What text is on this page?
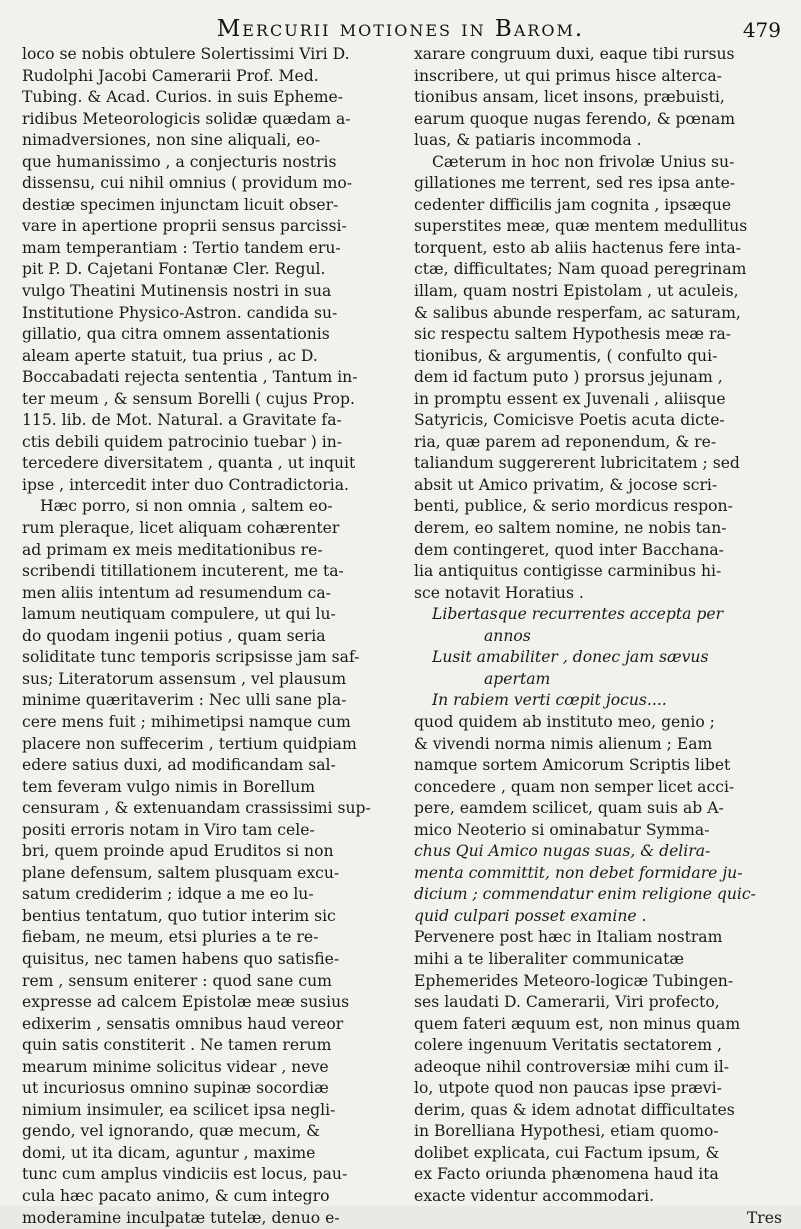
Mercurii motiones in Barom.	479

loco se nobis obtulere Solertissimi Viri D.

Rudolphi Jacobi Camerarii Prof. Med.

Tubing. & Acad. Curios. in suis Epheme-

ridibus Meteorologicis solidæ quædam a-

nimadversiones, non sine aliquali, eo-

que humanissimo , a conjecturis nostris

dissensu, cui nihil omnius ( providum mo-

destiæ specimen injunctam licuit obser-

vare in apertione proprii sensus parcissi-

mam temperantiam : Tertio tandem eru-

pit P. D. Cajetani Fontanæ Cler. Regul.

vulgo Theatini Mutinensis nostri in sua

Institutione Physico-Astron. candida su-

gillatio, qua citra omnem assentationis

aleam aperte statuit, tua prius , ac D.

Boccabadati rejecta sententia , Tantum in-

ter meum , & sensum Borelli ( cujus Prop.

115. lib. de Mot. Natural. a Gravitate fa-

ctis debili quidem patrocinio tuebar ) in-

tercedere diversitatem , quanta , ut inquit

ipse , intercedit inter duo Contradictoria.

Hæc porro, si non omnia , saltem eo-

rum pleraque, licet aliquam cohærenter

ad primam ex meis meditationibus re-

scribendi titillationem incuterent, me ta-

men aliis intentum ad resumendum ca-

lamum neutiquam compulere, ut qui lu-

do quodam ingenii potius , quam seria

soliditate tunc temporis scripsisse jam saf-

sus; Literatorum assensum , vel plausum

minime quæritaverim : Nec ulli sane pla-

cere mens fuit ; mihimetipsi namque cum

placere non suffecerim , tertium quidpiam

edere satius duxi, ad modificandam sal-

tem feveram vulgo nimis in Borellum

censuram , & extenuandam crassissimi sup-

positi erroris notam in Viro tam cele-

bri, quem proinde apud Eruditos si non

plane defensum, saltem plusquam excu-

satum crediderim ; idque a me eo lu-

bentius tentatum, quo tutior interim sic

fiebam, ne meum, etsi pluries a te re-

quisitus, nec tamen habens quo satisfie-

rem , sensum eniterer : quod sane cum

expresse ad calcem Epistolæ meæ susius

edixerim , sensatis omnibus haud vereor

quin satis constiterit . Ne tamen rerum

mearum minime solicitus videar , neve

ut incuriosus omnino supinæ socordiæ

nimium insimuler, ea scilicet ipsa negli-

gendo, vel ignorando, quæ mecum, &

domi, ut ita dicam, aguntur , maxime

tunc cum amplus vindiciis est locus, pau-

cula hæc pacato animo, & cum integro

moderamine inculpatæ tutelæ, denuo e-

xarare congruum duxi, eaque tibi rursus

inscribere, ut qui primus hisce alterca-

tionibus ansam, licet insons, præbuisti,

earum quoque nugas ferendo, & pœnam

luas, & patiaris incommoda .

Cæterum in hoc non frivolæ Unius su-

gillationes me terrent, sed res ipsa ante-

cedenter difficilis jam cognita , ipsæque

superstites meæ, quæ mentem medullitus

torquent, esto ab aliis hactenus fere inta-

ctæ, difficultates; Nam quoad peregrinam

illam, quam nostri Epistolam , ut aculeis,

& salibus abunde resperfam, ac saturam,

sic respectu saltem Hypothesis meæ ra-

tionibus, & argumentis, ( confulto qui-

dem id factum puto ) prorsus jejunam ,

in promptu essent ex Juvenali , aliisque

Satyricis, Comicisve Poetis acuta dicte-

ria, quæ parem ad reponendum, & re-

taliandum suggererent lubricitatem ; sed

absit ut Amico privatim, & jocose scri-

benti, publice, & serio mordicus respon-

derem, eo saltem nomine, ne nobis tan-

dem contingeret, quod inter Bacchana-

lia antiquitus contigisse carminibus hi-

sce notavit Horatius .

Libertasque recurrentes accepta per

annos

Lusit amabiliter , donec jam sævus

apertam

In rabiem verti cœpit jocus....

quod quidem ab instituto meo, genio ;

& vivendi norma nimis alienum ; Eam

namque sortem Amicorum Scriptis libet

concedere , quam non semper licet acci-

pere, eamdem scilicet, quam suis ab A-

mico Neoterio si ominabatur Symma-

chus Qui Amico nugas suas, & delira-

menta committit, non debet formidare ju-

dicium ; commendatur enim religione quic-

quid culpari posset examine .

Pervenere post hæc in Italiam nostram

mihi a te liberaliter communicatæ

Ephemerides Meteoro-logicæ Tubingen-

ses laudati D. Camerarii, Viri profecto,

quem fateri æquum est, non minus quam

colere ingenuum Veritatis sectatorem ,

adeoque nihil controversiæ mihi cum il-

lo, utpote quod non paucas ipse prævi-

derim, quas & idem adnotat difficultates

in Borelliana Hypothesi, etiam quomo-

dolibet explicata, cui Factum ipsum, &

ex Facto oriunda phænomena haud ita

exacte videntur accommodari.

Tres
